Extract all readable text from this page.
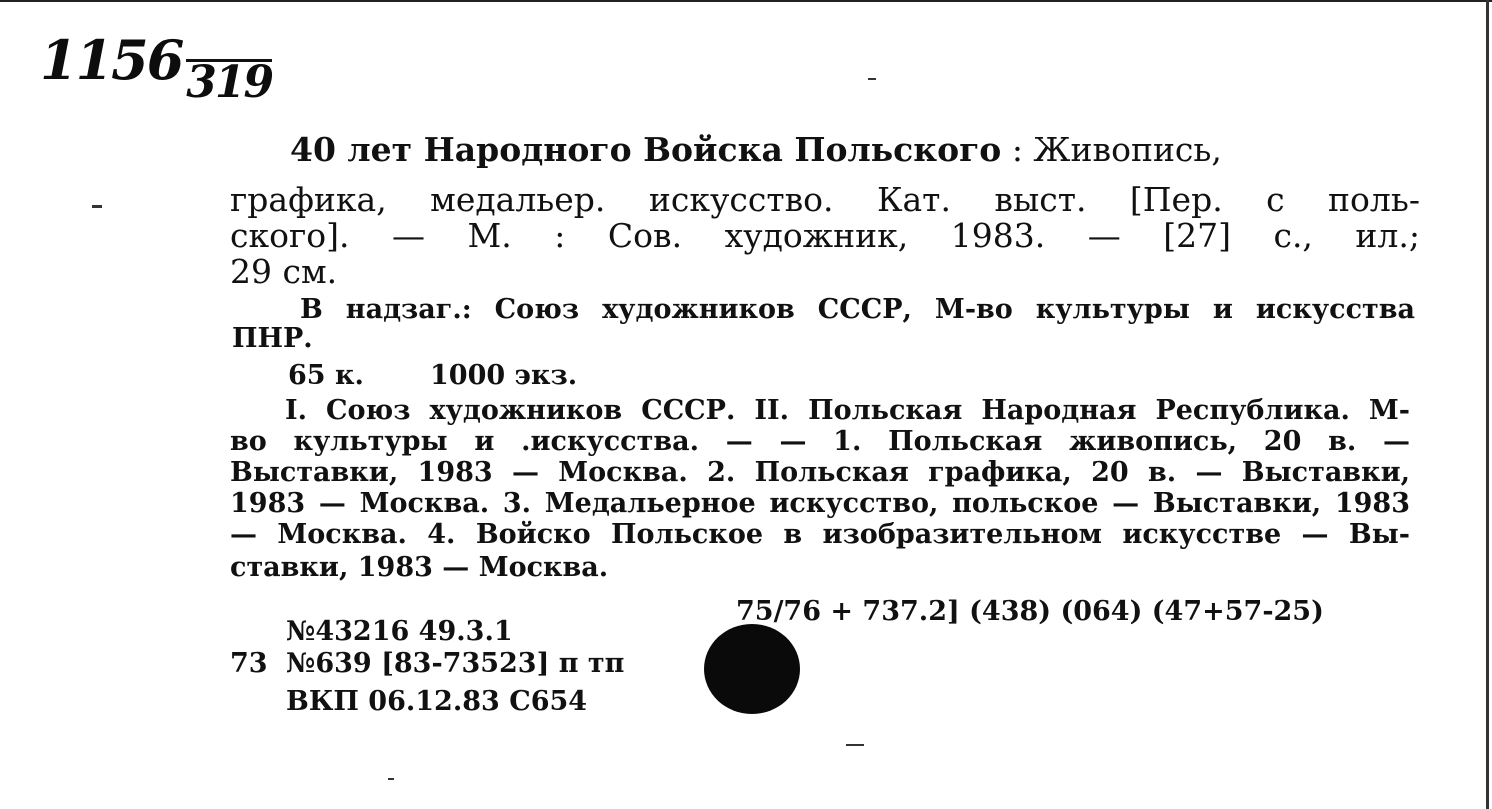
1156319
40 лет Народного Войска Польского : Живопись,
графика, медальер. искусство. Кат. выст. [Пер. с поль-
ского]. — М. : Сов. художник, 1983. — [27] с., ил.;
29 см.
В надзаг.: Союз художников СССР, М-во культуры и искусства
ПНР.
65 к. 1000 экз.
I. Союз художников СССР. II. Польская Народная Республика. М-
во культуры и .искусства. — — 1. Польская живопись, 20 в. —
Выставки, 1983 — Москва. 2. Польская графика, 20 в. — Выставки,
1983 — Москва. 3. Медальерное искусство, польское — Выставки, 1983
— Москва. 4. Войско Польское в изобразительном искусстве — Вы-
ставки, 1983 — Москва.
75/76 + 737.2] (438) (064) (47+57-25)
№43216 49.3.1
73 №639 [83-73523] п тп
ВКП 06.12.83 С654
